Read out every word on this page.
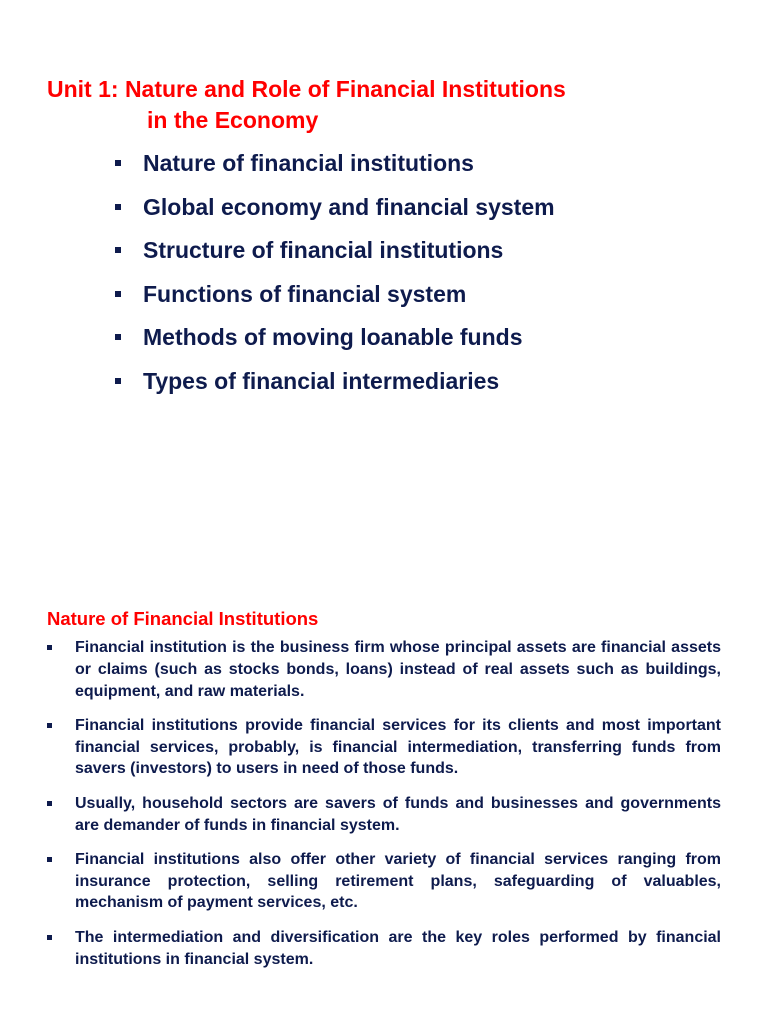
Unit 1: Nature and Role of Financial Institutions
in the Economy
Nature of financial institutions
Global economy and financial system
Structure of financial institutions
Functions of financial system
Methods of moving loanable funds
Types of financial intermediaries
Nature of Financial Institutions
Financial institution is the business firm whose principal assets are financial assets or claims (such as stocks bonds, loans) instead of real assets such as buildings, equipment, and raw materials.
Financial institutions provide financial services for its clients and most important financial services, probably, is financial intermediation, transferring funds from savers (investors) to users in need of those funds.
Usually, household sectors are savers of funds and businesses and governments are demander of funds in financial system.
Financial institutions also offer other variety of financial services ranging from insurance protection, selling retirement plans, safeguarding of valuables, mechanism of payment services, etc.
The intermediation and diversification are the key roles performed by financial institutions in financial system.
